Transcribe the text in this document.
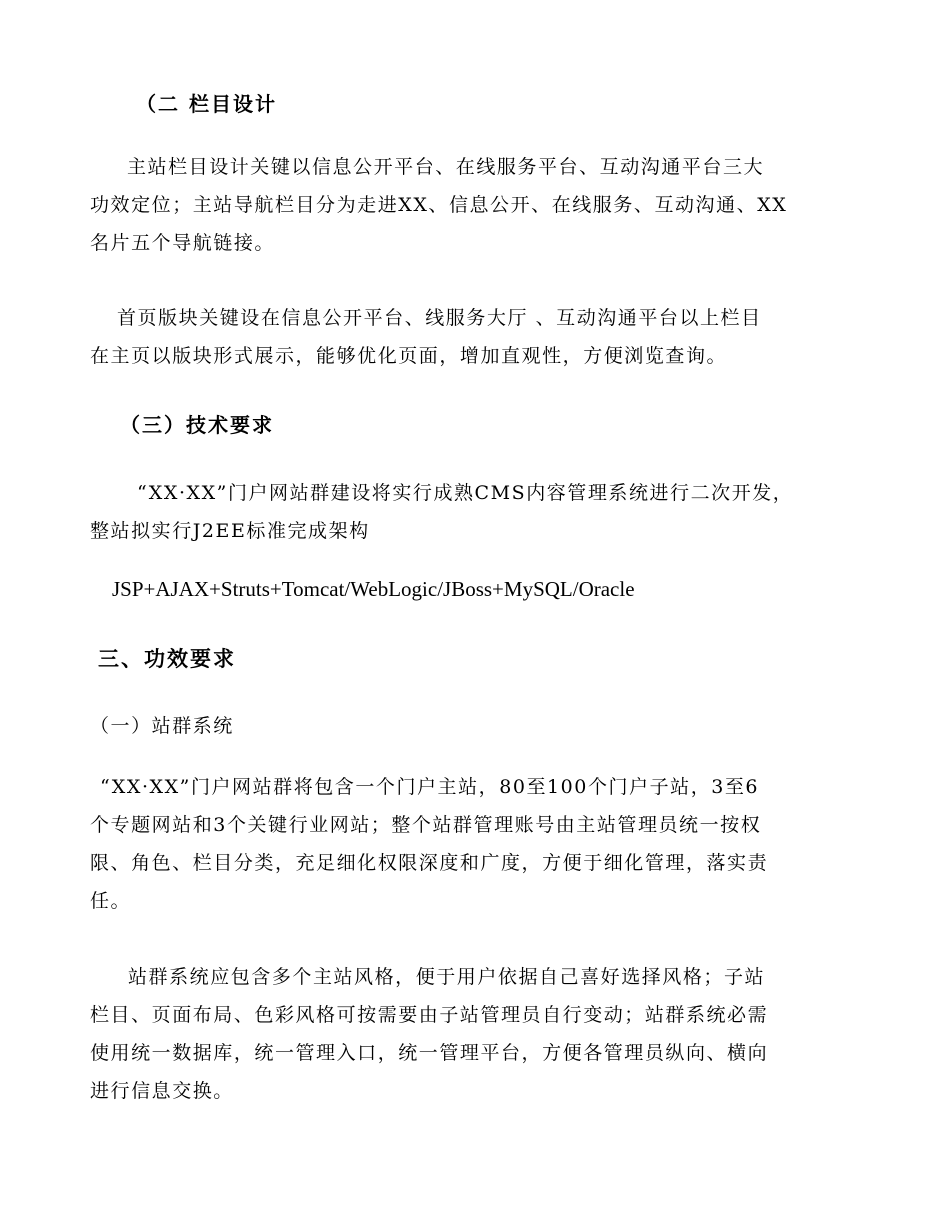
（二 栏目设计
主站栏目设计关键以信息公开平台、在线服务平台、互动沟通平台三大
功效定位；主站导航栏目分为走进XX、信息公开、在线服务、互动沟通、XX
名片五个导航链接。
首页版块关键设在信息公开平台、线服务大厅 、互动沟通平台以上栏目
在主页以版块形式展示，能够优化页面，增加直观性，方便浏览查询。
（三）技术要求
“XX·XX”门户网站群建设将实行成熟CMS内容管理系统进行二次开发，
整站拟实行J2EE标准完成架构
JSP+AJAX+Struts+Tomcat/WebLogic/JBoss+MySQL/Oracle
三、功效要求
（一）站群系统
“XX·XX”门户网站群将包含一个门户主站，80至100个门户子站，3至6
个专题网站和3个关键行业网站；整个站群管理账号由主站管理员统一按权
限、角色、栏目分类，充足细化权限深度和广度，方便于细化管理，落实责
任。
站群系统应包含多个主站风格，便于用户依据自己喜好选择风格；子站
栏目、页面布局、色彩风格可按需要由子站管理员自行变动；站群系统必需
使用统一数据库，统一管理入口，统一管理平台，方便各管理员纵向、横向
进行信息交换。
